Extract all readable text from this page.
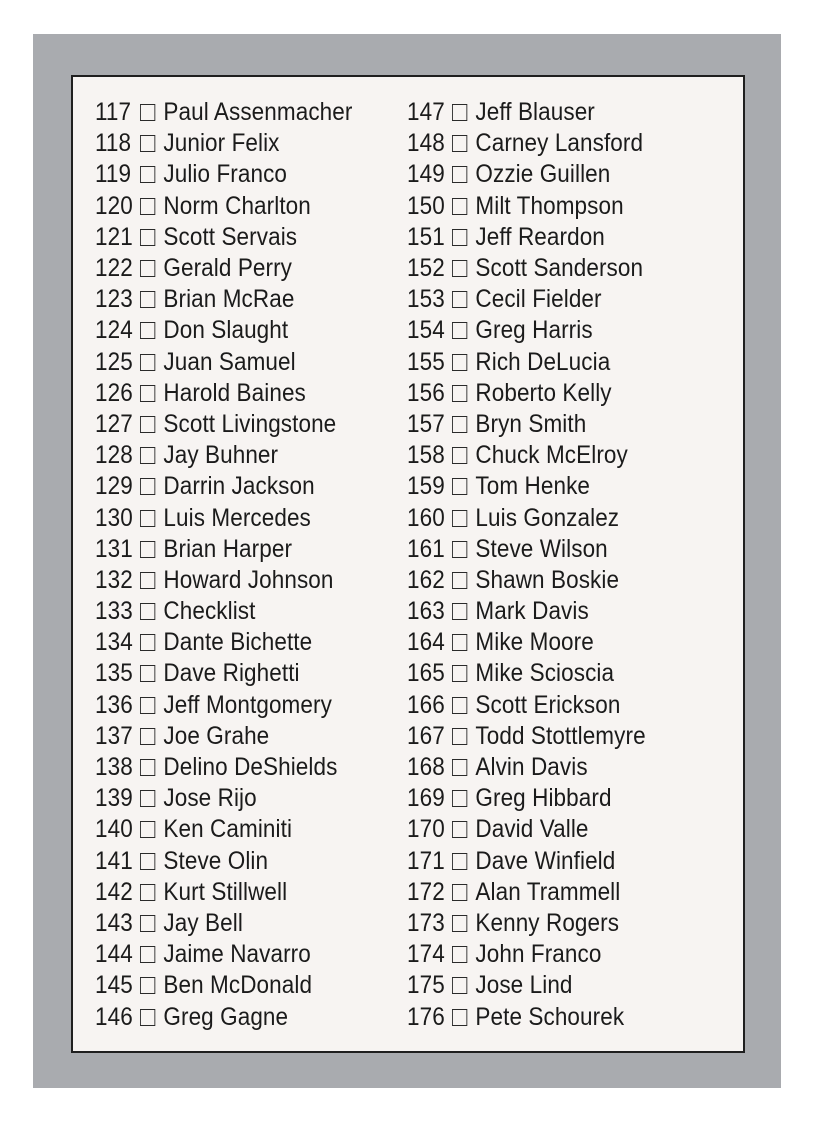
117 Paul Assenmacher
118 Junior Felix
119 Julio Franco
120 Norm Charlton
121 Scott Servais
122 Gerald Perry
123 Brian McRae
124 Don Slaught
125 Juan Samuel
126 Harold Baines
127 Scott Livingstone
128 Jay Buhner
129 Darrin Jackson
130 Luis Mercedes
131 Brian Harper
132 Howard Johnson
133 Checklist
134 Dante Bichette
135 Dave Righetti
136 Jeff Montgomery
137 Joe Grahe
138 Delino DeShields
139 Jose Rijo
140 Ken Caminiti
141 Steve Olin
142 Kurt Stillwell
143 Jay Bell
144 Jaime Navarro
145 Ben McDonald
146 Greg Gagne
147 Jeff Blauser
148 Carney Lansford
149 Ozzie Guillen
150 Milt Thompson
151 Jeff Reardon
152 Scott Sanderson
153 Cecil Fielder
154 Greg Harris
155 Rich DeLucia
156 Roberto Kelly
157 Bryn Smith
158 Chuck McElroy
159 Tom Henke
160 Luis Gonzalez
161 Steve Wilson
162 Shawn Boskie
163 Mark Davis
164 Mike Moore
165 Mike Scioscia
166 Scott Erickson
167 Todd Stottlemyre
168 Alvin Davis
169 Greg Hibbard
170 David Valle
171 Dave Winfield
172 Alan Trammell
173 Kenny Rogers
174 John Franco
175 Jose Lind
176 Pete Schourek
